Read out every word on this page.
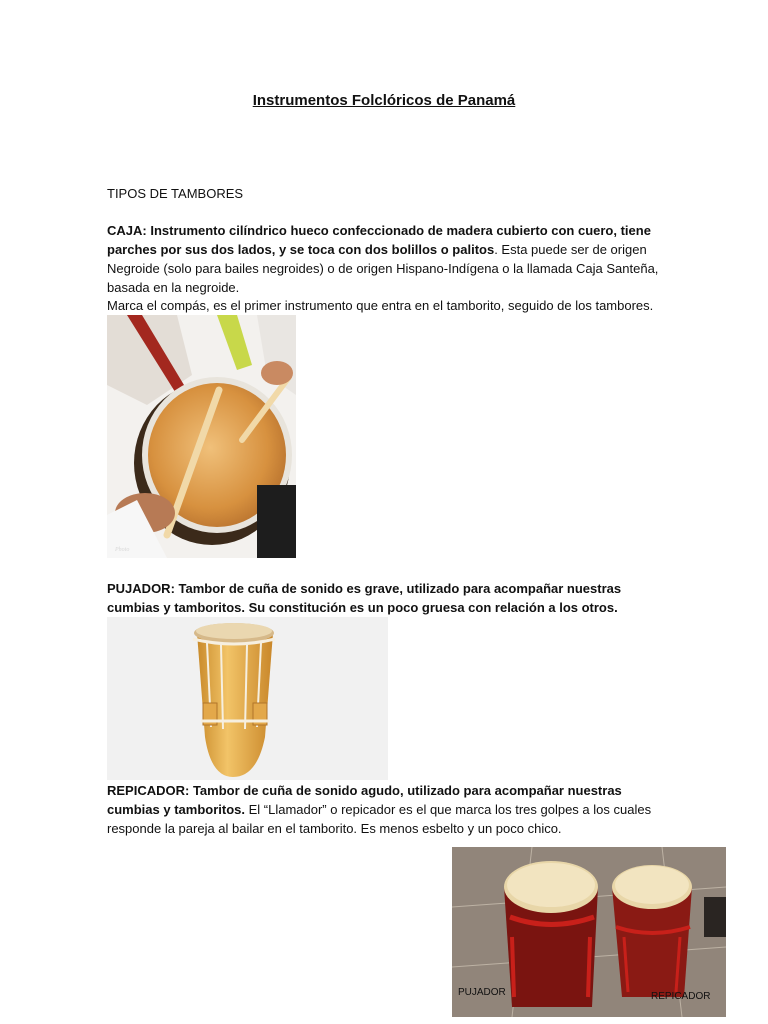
Instrumentos Folclóricos de Panamá
TIPOS DE TAMBORES
CAJA: Instrumento cilíndrico hueco confeccionado de madera cubierto con cuero, tiene parches por sus dos lados, y se toca con dos bolillos o palitos. Esta puede ser de origen Negroide (solo para bailes negroides) o de origen Hispano-Indígena o la llamada Caja Santeña, basada en la negroide.
Marca el compás, es el primer instrumento que entra en el tamborito, seguido de los tambores.
Photo
PUJADOR: Tambor de cuña de sonido es grave, utilizado para acompañar nuestras cumbias y tamboritos. Su constitución es un poco gruesa con relación a los otros.
REPICADOR: Tambor de cuña de sonido agudo, utilizado para acompañar nuestras cumbias y tamboritos. El “Llamador” o repicador es el que marca los tres golpes a los cuales responde la pareja al bailar en el tamborito. Es menos esbelto y un poco chico.
PUJADOR	REPICADOR
